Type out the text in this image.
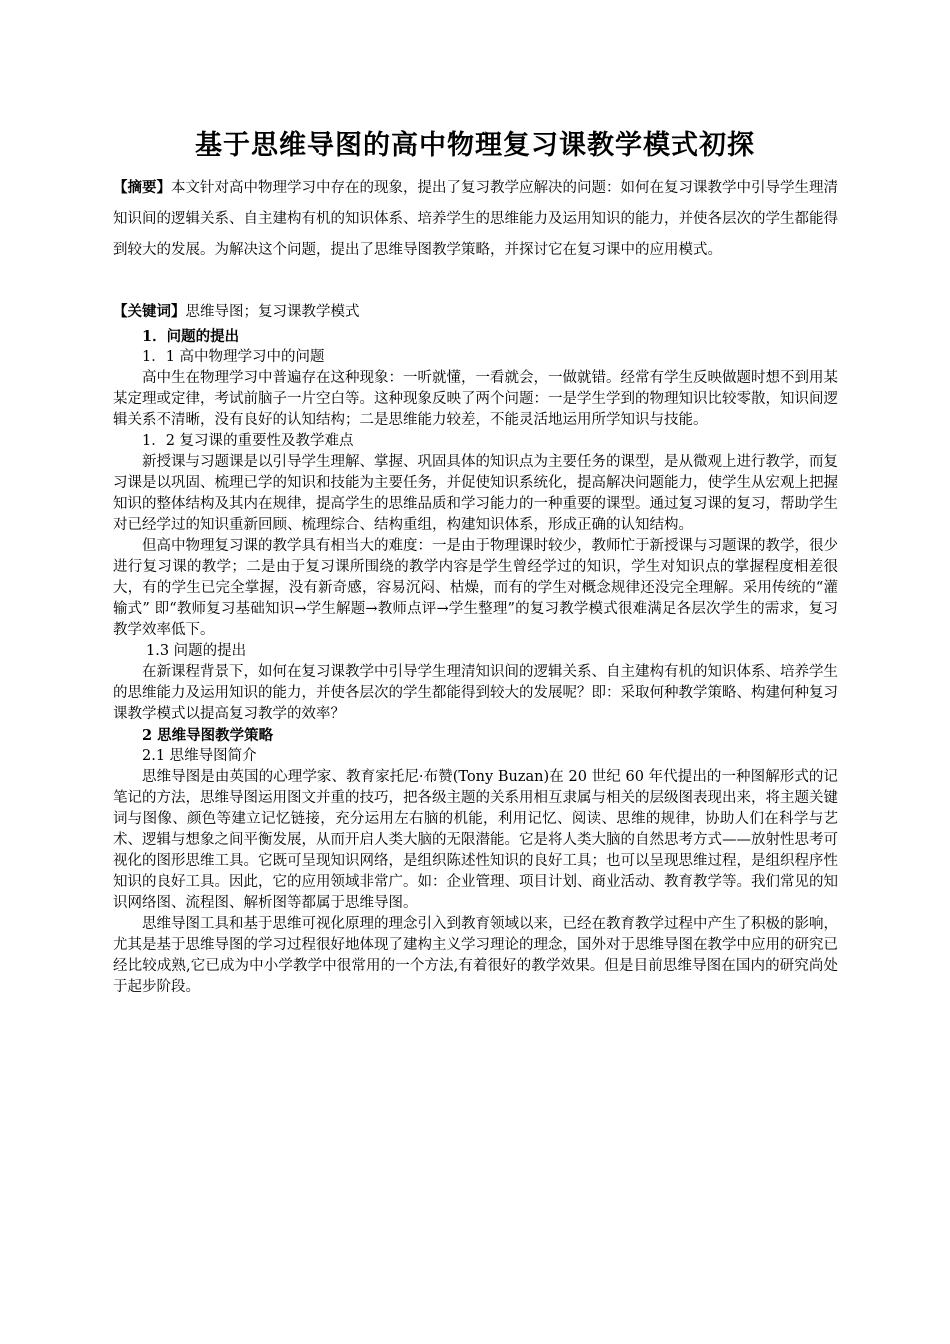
基于思维导图的高中物理复习课教学模式初探
【摘要】本文针对高中物理学习中存在的现象，提出了复习教学应解决的问题：如何在复习课教学中引导学生理清知识间的逻辑关系、自主建构有机的知识体系、培养学生的思维能力及运用知识的能力，并使各层次的学生都能得到较大的发展。为解决这个问题，提出了思维导图教学策略，并探讨它在复习课中的应用模式。
【关键词】思维导图；复习课教学模式

1．问题的提出

1．1 高中物理学习中的问题

高中生在物理学习中普遍存在这种现象：一听就懂，一看就会，一做就错。经常有学生反映做题时想不到用某某定理或定律，考试前脑子一片空白等。这种现象反映了两个问题：一是学生学到的物理知识比较零散，知识间逻辑关系不清晰，没有良好的认知结构；二是思维能力较差，不能灵活地运用所学知识与技能。

1．2 复习课的重要性及教学难点

新授课与习题课是以引导学生理解、掌握、巩固具体的知识点为主要任务的课型，是从微观上进行教学，而复习课是以巩固、梳理已学的知识和技能为主要任务，并促使知识系统化，提高解决问题能力，使学生从宏观上把握知识的整体结构及其内在规律，提高学生的思维品质和学习能力的一种重要的课型。通过复习课的复习，帮助学生对已经学过的知识重新回顾、梳理综合、结构重组，构建知识体系，形成正确的认知结构。

但高中物理复习课的教学具有相当大的难度：一是由于物理课时较少，教师忙于新授课与习题课的教学，很少进行复习课的教学；二是由于复习课所围绕的教学内容是学生曾经学过的知识，学生对知识点的掌握程度相差很大，有的学生已完全掌握，没有新奇感，容易沉闷、枯燥，而有的学生对概念规律还没完全理解。采用传统的“灌输式” 即“教师复习基础知识→学生解题→教师点评→学生整理”的复习教学模式很难满足各层次学生的需求，复习教学效率低下。

1.3 问题的提出

在新课程背景下，如何在复习课教学中引导学生理清知识间的逻辑关系、自主建构有机的知识体系、培养学生的思维能力及运用知识的能力，并使各层次的学生都能得到较大的发展呢？即：采取何种教学策略、构建何种复习课教学模式以提高复习教学的效率？

2 思维导图教学策略

2.1 思维导图简介

思维导图是由英国的心理学家、教育家托尼·布赞(Tony Buzan)在 20 世纪 60 年代提出的一种图解形式的记笔记的方法，思维导图运用图文并重的技巧，把各级主题的关系用相互隶属与相关的层级图表现出来，将主题关键词与图像、颜色等建立记忆链接，充分运用左右脑的机能，利用记忆、阅读、思维的规律，协助人们在科学与艺术、逻辑与想象之间平衡发展，从而开启人类大脑的无限潜能。它是将人类大脑的自然思考方式——放射性思考可视化的图形思维工具。它既可呈现知识网络，是组织陈述性知识的良好工具；也可以呈现思维过程，是组织程序性知识的良好工具。因此，它的应用领域非常广。如：企业管理、项目计划、商业活动、教育教学等。我们常见的知识网络图、流程图、解析图等都属于思维导图。

思维导图工具和基于思维可视化原理的理念引入到教育领域以来，已经在教育教学过程中产生了积极的影响，尤其是基于思维导图的学习过程很好地体现了建构主义学习理论的理念，国外对于思维导图在教学中应用的研究已经比较成熟,它已成为中小学教学中很常用的一个方法,有着很好的教学效果。但是目前思维导图在国内的研究尚处于起步阶段。
